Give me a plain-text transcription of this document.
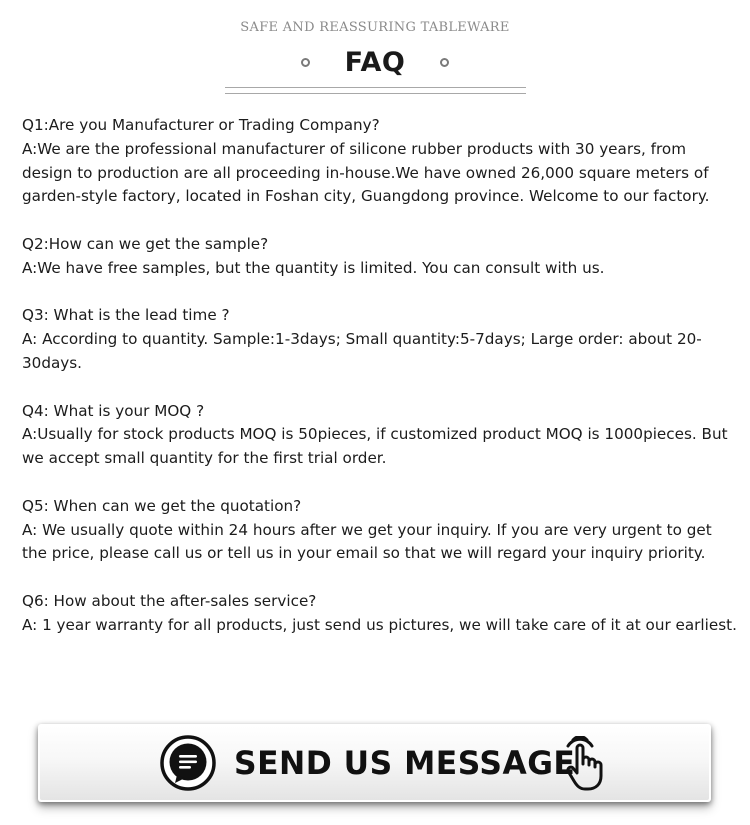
SAFE AND REASSURING TABLEWARE
FAQ

Q1:Are you Manufacturer or Trading Company?

A:We are the professional manufacturer of silicone rubber products with 30 years, from design to production are all proceeding in-house.We have owned 26,000 square meters of garden-style factory, located in Foshan city, Guangdong province. Welcome to our factory.

Q2:How can we get the sample?

A:We have free samples, but the quantity is limited. You can consult with us.

Q3: What is the lead time ?

A: According to quantity. Sample:1-3days; Small quantity:5-7days; Large order: about 20-30days.

Q4: What is your MOQ ?

A:Usually for stock products MOQ is 50pieces, if customized product MOQ is 1000pieces. But we accept small quantity for the first trial order.

Q5: When can we get the quotation?

A: We usually quote within 24 hours after we get your inquiry. If you are very urgent to get the price, please call us or tell us in your email so that we will regard your inquiry priority.

Q6: How about the after-sales service?

A: 1 year warranty for all products, just send us pictures, we will take care of it at our earliest.

SEND US MESSAGE
